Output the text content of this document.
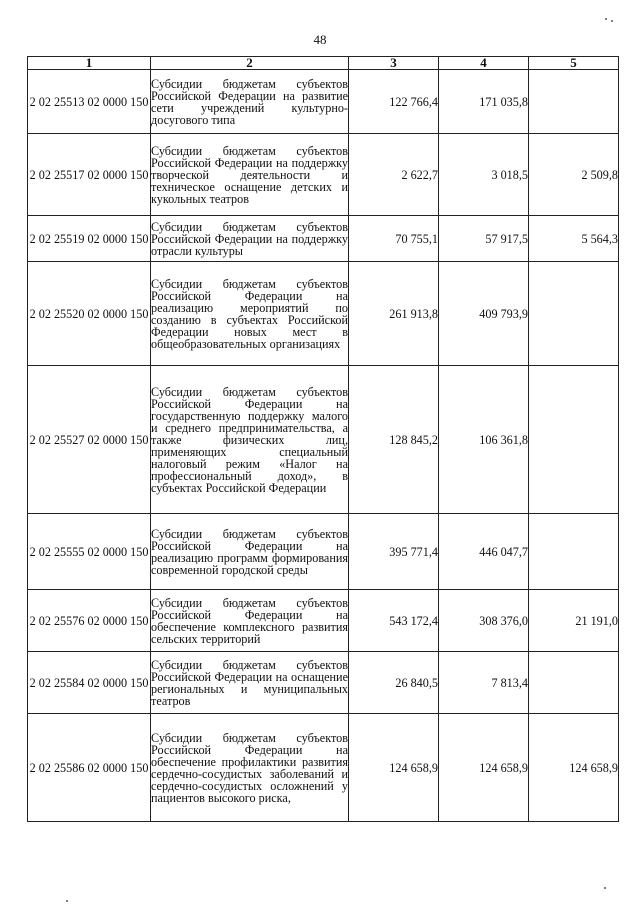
48
1	2	3	4	5
2 02 25513 02 0000 150	Субсидии бюджетам субъектов Российской Федерации на развитие сети учреждений культурно-досугового типа	122 766,4	171 035,8	
2 02 25517 02 0000 150	Субсидии бюджетам субъектов Российской Федерации на поддержку творческой деятельности и техническое оснащение детских и кукольных театров	2 622,7	3 018,5	2 509,8
2 02 25519 02 0000 150	Субсидии бюджетам субъектов Российской Федерации на поддержку отрасли культуры	70 755,1	57 917,5	5 564,3
2 02 25520 02 0000 150	Субсидии бюджетам субъектов Российской Федерации на реализацию мероприятий по созданию в субъектах Российской Федерации новых мест в общеобразовательных организациях	261 913,8	409 793,9	
2 02 25527 02 0000 150	Субсидии бюджетам субъектов Российской Федерации на государственную поддержку малого и среднего предпринимательства, а также физических лиц, применяющих специальный налоговый режим «Налог на профессиональный доход», в субъектах Российской Федерации	128 845,2	106 361,8	
2 02 25555 02 0000 150	Субсидии бюджетам субъектов Российской Федерации на реализацию программ формирования современной городской среды	395 771,4	446 047,7	
2 02 25576 02 0000 150	Субсидии бюджетам субъектов Российской Федерации на обеспечение комплексного развития сельских территорий	543 172,4	308 376,0	21 191,0
2 02 25584 02 0000 150	Субсидии бюджетам субъектов Российской Федерации на оснащение региональных и муниципальных театров	26 840,5	7 813,4	
2 02 25586 02 0000 150	Субсидии бюджетам субъектов Российской Федерации на обеспечение профилактики развития сердечно-сосудистых заболеваний и сердечно-сосудистых осложнений у пациентов высокого риска,	124 658,9	124 658,9	124 658,9
